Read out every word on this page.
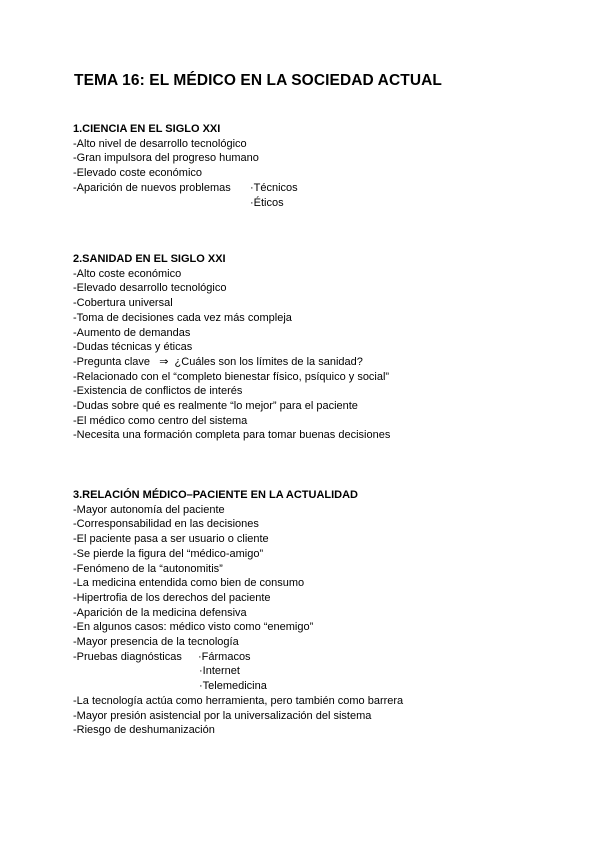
TEMA 16: EL MÉDICO EN LA SOCIEDAD ACTUAL
1.CIENCIA EN EL SIGLO XXI
-Alto nivel de desarrollo tecnológico
-Gran impulsora del progreso humano
-Elevado coste económico
-Aparición de nuevos problemas	·Técnicos
·Éticos
2.SANIDAD EN EL SIGLO XXI
-Alto coste económico
-Elevado desarrollo tecnológico
-Cobertura universal
-Toma de decisiones cada vez más compleja
-Aumento de demandas
-Dudas técnicas y éticas
-Pregunta clave   ⇒  ¿Cuáles son los límites de la sanidad?
-Relacionado con el “completo bienestar físico, psíquico y social”
-Existencia de conflictos de interés
-Dudas sobre qué es realmente “lo mejor” para el paciente
-El médico como centro del sistema
-Necesita una formación completa para tomar buenas decisiones
3.RELACIÓN MÉDICO–PACIENTE EN LA ACTUALIDAD
-Mayor autonomía del paciente
-Corresponsabilidad en las decisiones
-El paciente pasa a ser usuario o cliente
-Se pierde la figura del “médico-amigo”
-Fenómeno de la “autonomitis”
-La medicina entendida como bien de consumo
-Hipertrofia de los derechos del paciente
-Aparición de la medicina defensiva
-En algunos casos: médico visto como “enemigo”
-Mayor presencia de la tecnología
-Pruebas diagnósticas
·Internet
·Telemedicina
-La tecnología actúa como herramienta, pero también como barrera
-Mayor presión asistencial por la universalización del sistema
-Riesgo de deshumanización
·Fármacos
